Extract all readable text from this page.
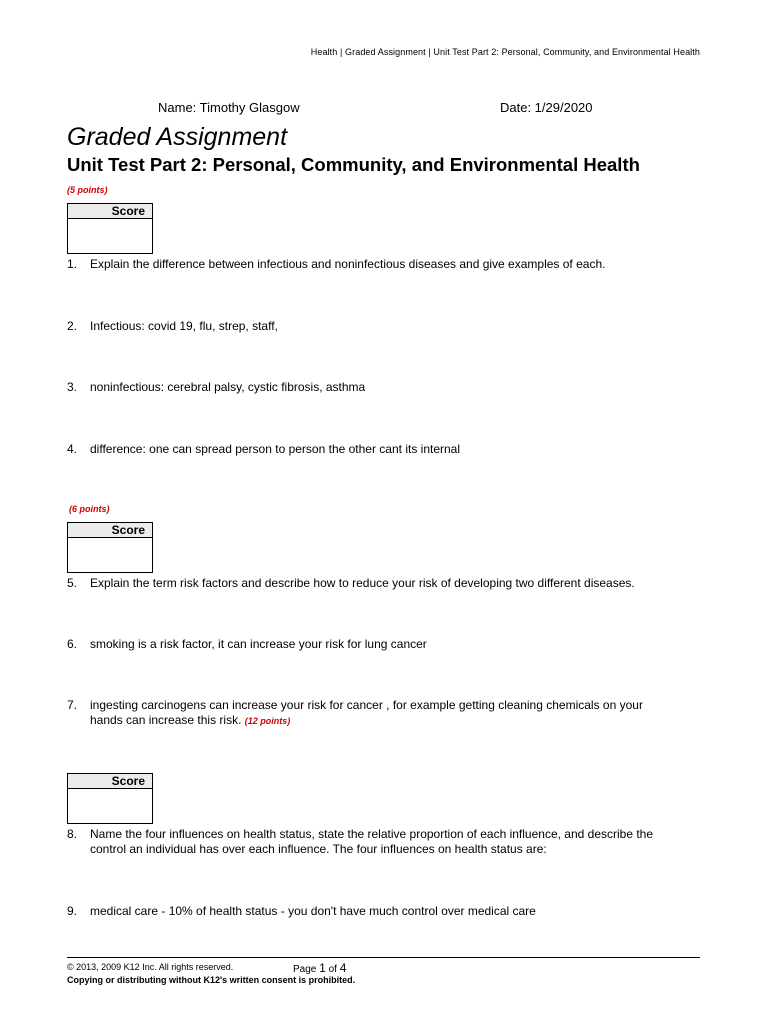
Health | Graded Assignment | Unit Test Part 2: Personal, Community, and Environmental Health
Name: Timothy Glasgow	Date: 1/29/2020
Graded Assignment
Unit Test Part 2: Personal, Community, and Environmental Health
(5 points)
Score
1.	Explain the difference between infectious and noninfectious diseases and give examples of each.
2.	Infectious: covid 19, flu, strep, staff,
3.	noninfectious: cerebral palsy, cystic fibrosis, asthma
4.	difference: one can spread person to person the other cant its internal
(6 points)
Score
5.	Explain the term risk factors and describe how to reduce your risk of developing two different diseases.
6.	smoking is a risk factor, it can increase your risk for lung cancer
7.	ingesting carcinogens can increase your risk for cancer , for example getting cleaning chemicals on your hands can increase this risk. (12 points)
Score
8.	Name the four influences on health status, state the relative proportion of each influence, and describe the control an individual has over each influence. The four influences on health status are:
9.	medical care - 10% of health status - you don't have much control over medical care
© 2013, 2009 K12 Inc. All rights reserved.	Page 1 of 4
Copying or distributing without K12's written consent is prohibited.
